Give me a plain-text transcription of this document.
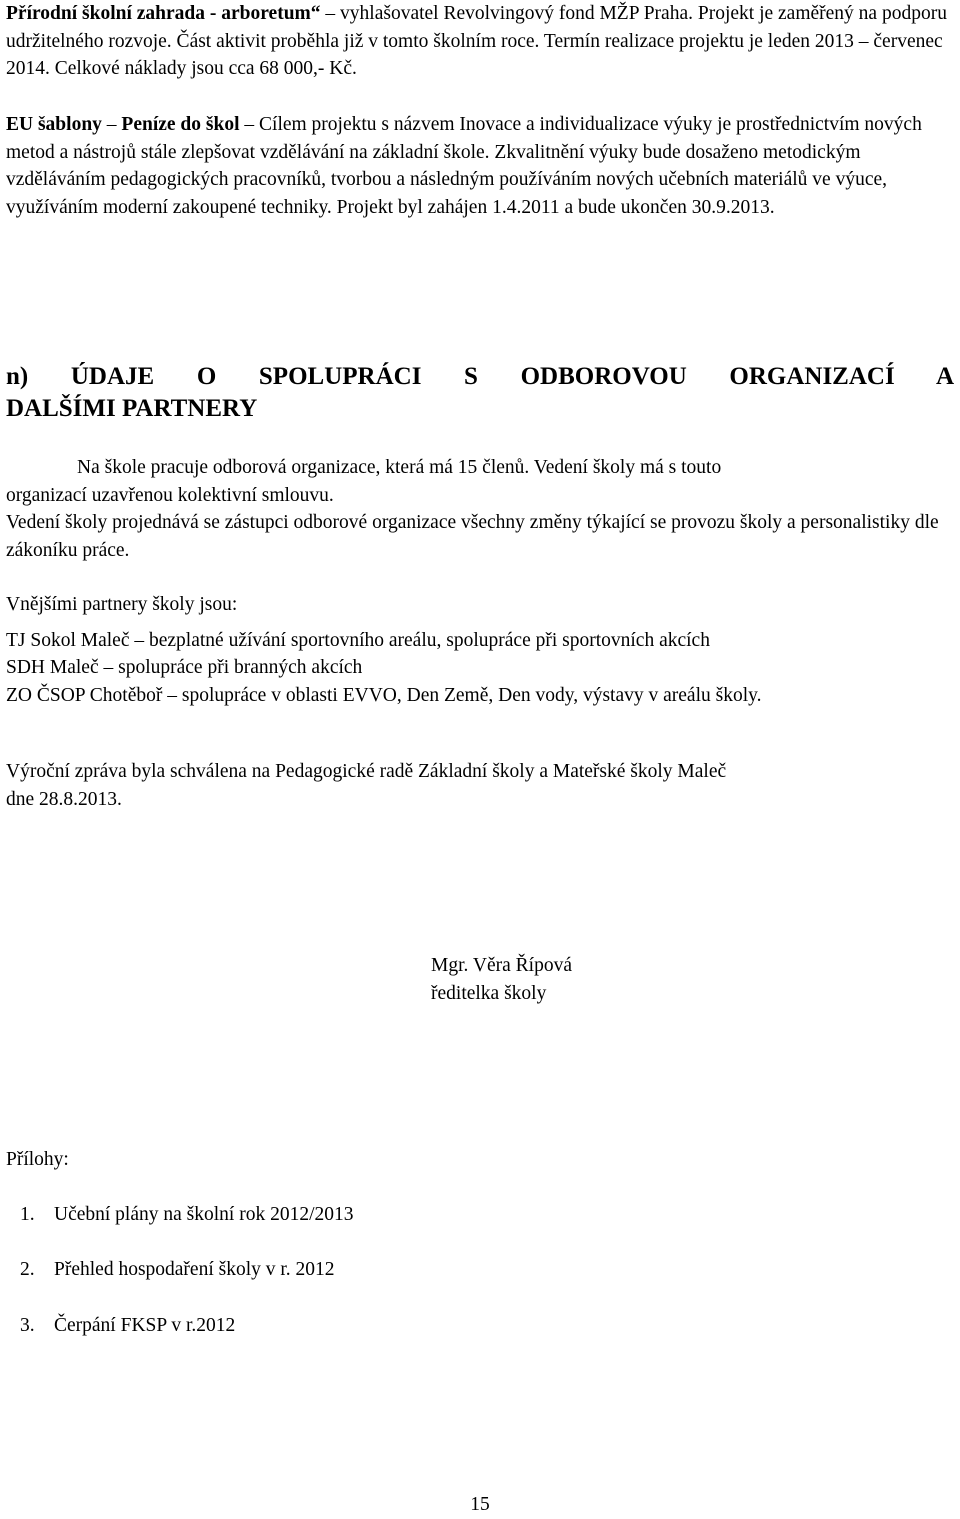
Přírodní školní zahrada - arboretum“ – vyhlašovatel Revolvingový fond MŽP Praha. Projekt je zaměřený na podporu udržitelného rozvoje. Část aktivit proběhla již v tomto školním roce. Termín realizace projektu je leden 2013 – červenec 2014. Celkové náklady jsou cca 68 000,- Kč.

EU šablony – Peníze do škol – Cílem projektu s názvem Inovace a individualizace výuky je prostřednictvím nových metod a nástrojů stále zlepšovat vzdělávání na základní škole. Zkvalitnění výuky bude dosaženo metodickým vzděláváním pedagogických pracovníků, tvorbou a následným používáním nových učebních materiálů ve výuce, využíváním moderní zakoupené techniky. Projekt byl zahájen 1.4.2011 a bude ukončen 30.9.2013.

n) ÚDAJE O SPOLUPRÁCI S ODBOROVOU ORGANIZACÍ A
DALŠÍMI PARTNERY
Na škole pracuje odborová organizace, která má 15 členů. Vedení školy má s touto
organizací uzavřenou kolektivní smlouvu.
Vedení školy projednává se zástupci odborové organizace všechny změny týkající se provozu školy a personalistiky dle zákoníku práce.
Vnějšími partnery školy jsou:
TJ Sokol Maleč – bezplatné užívání sportovního areálu, spolupráce při sportovních akcích
SDH Maleč – spolupráce při branných akcích
ZO ČSOP Chotěboř – spolupráce v oblasti EVVO, Den Země, Den vody, výstavy v areálu školy.
Výroční zpráva byla schválena na Pedagogické radě Základní školy a Mateřské školy Maleč
dne 28.8.2013.
Mgr. Věra Řípová
ředitelka školy
Přílohy:
1. Učební plány na školní rok 2012/2013
2. Přehled hospodaření školy v r. 2012
3. Čerpání FKSP v r.2012
15
